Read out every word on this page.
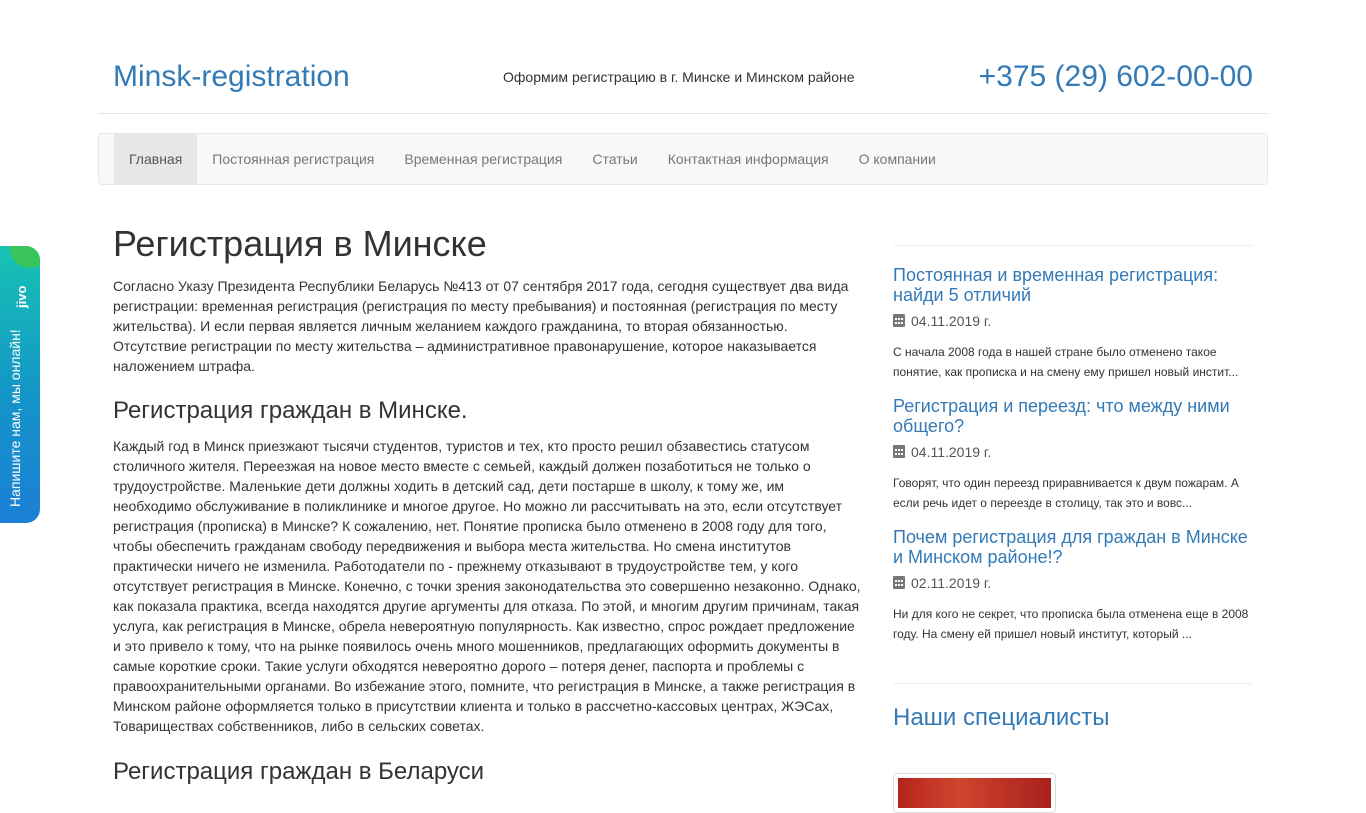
Minsk-registration	Оформим регистрацию в г. Минске и Минском районе	+375 (29) 602-00-00
Главная	Постоянная регистрация	Временная регистрация	Статьи	Контактная информация	О компании
Регистрация в Минске

Согласно Указу Президента Республики Беларусь №413 от 07 сентября 2017 года, сегодня существует два вида регистрации: временная регистрация (регистрация по месту пребывания) и постоянная (регистрация по месту жительства). И если первая является личным желанием каждого гражданина, то вторая обязанностью. Отсутствие регистрации по месту жительства – административное правонарушение, которое наказывается наложением штрафа.

Регистрация граждан в Минске.

Каждый год в Минск приезжают тысячи студентов, туристов и тех, кто просто решил обзавестись статусом столичного жителя. Переезжая на новое место вместе с семьей, каждый должен позаботиться не только о трудоустройстве. Маленькие дети должны ходить в детский сад, дети постарше в школу, к тому же, им необходимо обслуживание в поликлинике и многое другое. Но можно ли рассчитывать на это, если отсутствует регистрация (прописка) в Минске? К сожалению, нет. Понятие прописка было отменено в 2008 году для того, чтобы обеспечить гражданам свободу передвижения и выбора места жительства. Но смена институтов практически ничего не изменила. Работодатели по - прежнему отказывают в трудоустройстве тем, у кого отсутствует регистрация в Минске. Конечно, с точки зрения законодательства это совершенно незаконно. Однако, как показала практика, всегда находятся другие аргументы для отказа. По этой, и многим другим причинам, такая услуга, как регистрация в Минске, обрела невероятную популярность. Как известно, спрос рождает предложение и это привело к тому, что на рынке появилось очень много мошенников, предлагающих оформить документы в самые короткие сроки. Такие услуги обходятся невероятно дорого – потеря денег, паспорта и проблемы с правоохранительными органами. Во избежание этого, помните, что регистрация в Минске, а также регистрация в Минском районе оформляется только в присутствии клиента и только в рассчетно-кассовых центрах, ЖЭСах, Товариществах собственников, либо в сельских советах.

Регистрация граждан в Беларуси
Постоянная и временная регистрация: найди 5 отличий
04.11.2019 г.
С начала 2008 года в нашей стране было отменено такое понятие, как прописка и на смену ему пришел новый инстит...
Регистрация и переезд: что между ними общего?
04.11.2019 г.
Говорят, что один переезд приравнивается к двум пожарам. А если речь идет о переезде в столицу, так это и вовс...
Почем регистрация для граждан в Минске и Минском районе!?
02.11.2019 г.
Ни для кого не секрет, что прописка была отменена еще в 2008 году. На смену ей пришел новый институт, который ...
Наши специалисты
Напишите нам, мы онлайн!
jivo
